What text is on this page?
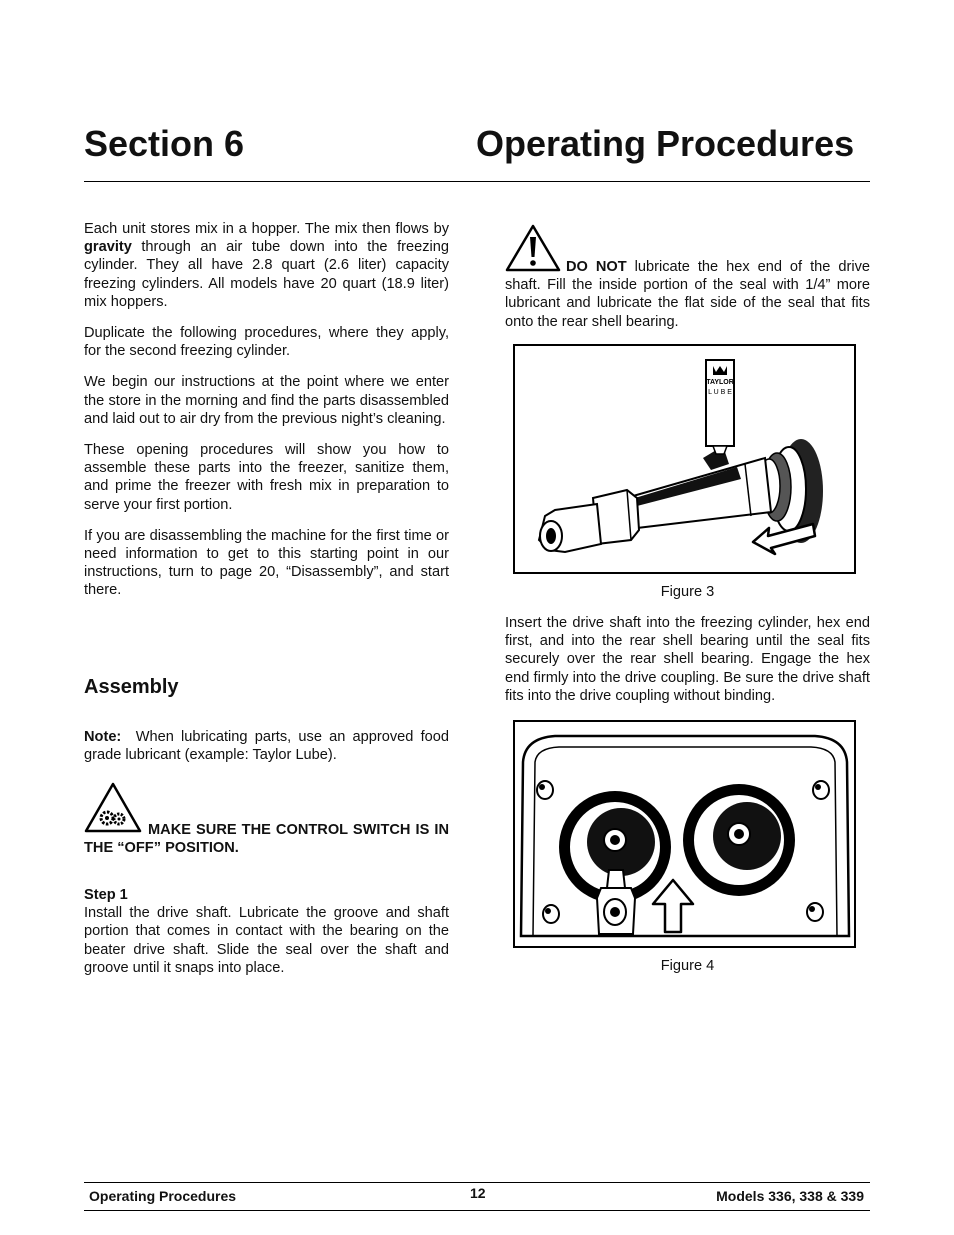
Section 6	Operating Procedures

Each unit stores mix in a hopper. The mix then flows by gravity through an air tube down into the freezing cylinder. They all have 2.8 quart (2.6 liter) capacity freezing cylinders. All models have 20 quart (18.9 liter) mix hoppers.

Duplicate the following procedures, where they apply, for the second freezing cylinder.

We begin our instructions at the point where we enter the store in the morning and find the parts disassembled and laid out to air dry from the previous night’s cleaning.

These opening procedures will show you how to assemble these parts into the freezer, sanitize them, and prime the freezer with fresh mix in preparation to serve your first portion.

If you are disassembling the machine for the first time or need information to get to this starting point in our instructions, turn to page 20, “Disassembly”, and start there.

Assembly
Note: When lubricating parts, use an approved food grade lubricant (example: Taylor Lube).
MAKE SURE THE CONTROL SWITCH IS IN THE “OFF” POSITION.
Step 1
Install the drive shaft. Lubricate the groove and shaft portion that comes in contact with the bearing on the beater drive shaft. Slide the seal over the shaft and groove until it snaps into place.
DO NOT lubricate the hex end of the drive shaft. Fill the inside portion of the seal with 1/4” more lubricant and lubricate the flat side of the seal that fits onto the rear shell bearing.
TAYLOR
L U B E
Figure 3
Insert the drive shaft into the freezing cylinder, hex end first, and into the rear shell bearing until the seal fits securely over the rear shell bearing. Engage the hex end firmly into the drive coupling. Be sure the drive shaft fits into the drive coupling without binding.
Figure 4
Operating Procedures	12	Models 336, 338 & 339
